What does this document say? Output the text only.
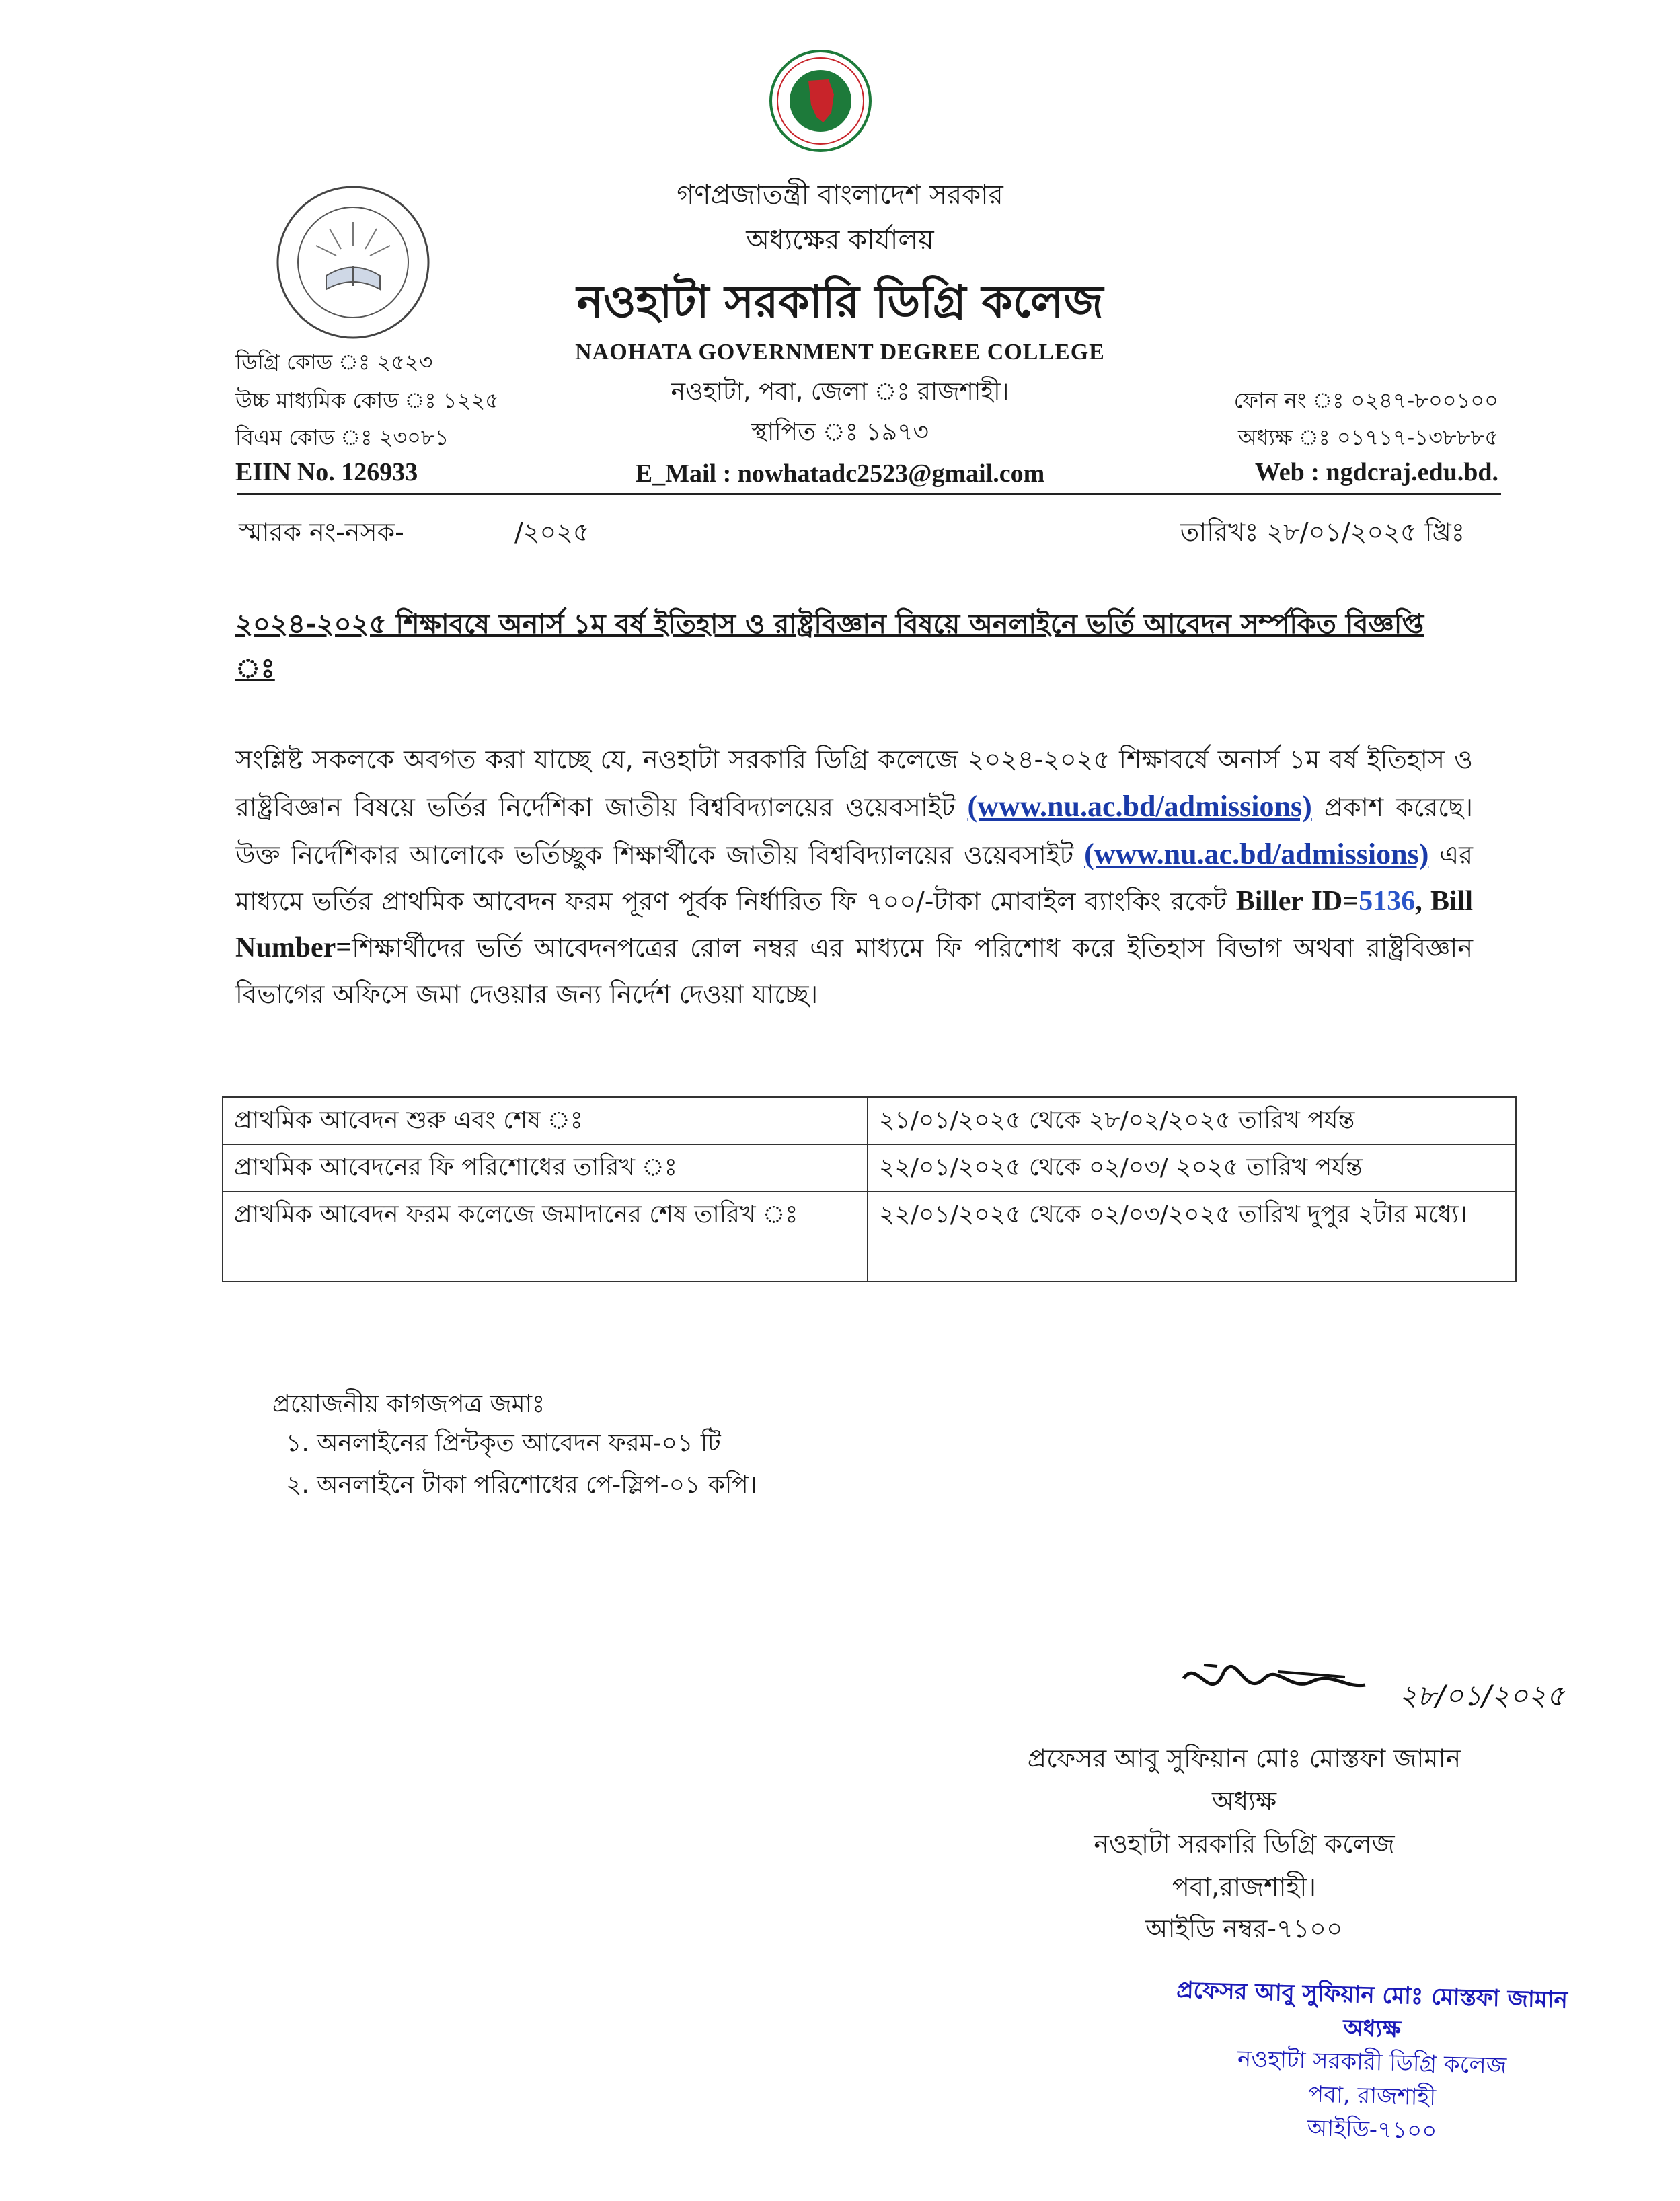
গণপ্রজাতন্ত্রী বাংলাদেশ সরকার
অধ্যক্ষের কার্যালয়
নওহাটা সরকারি ডিগ্রি কলেজ
NAOHATA GOVERNMENT DEGREE COLLEGE
নওহাটা, পবা, জেলা ঃ রাজশাহী।
স্থাপিত ঃ ১৯৭৩
E_Mail : nowhatadc2523@gmail.com
ডিগ্রি কোড ঃ ২৫২৩
উচ্চ মাধ্যমিক কোড ঃ ১২২৫
বিএম কোড ঃ ২৩০৮১
EIIN No. 126933
ফোন নং ঃ ০২৪৭-৮০০১০০
অধ্যক্ষ ঃ ০১৭১৭-১৩৮৮৮৫
Web : ngdcraj.edu.bd.
স্মারক নং-নসক-	/২০২৫	তারিখঃ ২৮/০১/২০২৫ খ্রিঃ
২০২৪-২০২৫ শিক্ষাবষে অনার্স ১ম বর্ষ ইতিহাস ও রাষ্ট্রবিজ্ঞান বিষয়ে অনলাইনে ভর্তি আবেদন সর্ম্পকিত বিজ্ঞপ্তি ঃ
সংশ্লিষ্ট সকলকে অবগত করা যাচ্ছে যে, নওহাটা সরকারি ডিগ্রি কলেজে ২০২৪-২০২৫ শিক্ষাবর্ষে অনার্স ১ম বর্ষ ইতিহাস ও রাষ্ট্রবিজ্ঞান বিষয়ে ভর্তির নির্দেশিকা জাতীয় বিশ্ববিদ্যালয়ের ওয়েবসাইট (www.nu.ac.bd/admissions) প্রকাশ করেছে। উক্ত নির্দেশিকার আলোকে ভর্তিচ্ছুক শিক্ষার্থীকে জাতীয় বিশ্ববিদ্যালয়ের ওয়েবসাইট (www.nu.ac.bd/admissions) এর মাধ্যমে ভর্তির প্রাথমিক আবেদন ফরম পূরণ পূর্বক নির্ধারিত ফি ৭০০/-টাকা মোবাইল ব্যাংকিং রকেট Biller ID=5136, Bill Number=শিক্ষার্থীদের ভর্তি আবেদনপত্রের রোল নম্বর এর মাধ্যমে ফি পরিশোধ করে ইতিহাস বিভাগ অথবা রাষ্ট্রবিজ্ঞান বিভাগের অফিসে জমা দেওয়ার জন্য নির্দেশ দেওয়া যাচ্ছে।
প্রাথমিক আবেদন শুরু এবং শেষ ঃ	২১/০১/২০২৫ থেকে ২৮/০২/২০২৫ তারিখ পর্যন্ত
প্রাথমিক আবেদনের ফি পরিশোধের তারিখ ঃ	২২/০১/২০২৫ থেকে ০২/০৩/ ২০২৫ তারিখ পর্যন্ত
প্রাথমিক আবেদন ফরম কলেজে জমাদানের শেষ তারিখ ঃ	২২/০১/২০২৫ থেকে ০২/০৩/২০২৫ তারিখ দুপুর ২টার মধ্যে।
প্রয়োজনীয় কাগজপত্র জমাঃ
১. অনলাইনের প্রিন্টকৃত আবেদন ফরম-০১ টি
২. অনলাইনে টাকা পরিশোধের পে-স্লিপ-০১ কপি।
২৮/০১/২০২৫
প্রফেসর আবু সুফিয়ান মোঃ মোস্তফা জামান
অধ্যক্ষ
নওহাটা সরকারি ডিগ্রি কলেজ
পবা,রাজশাহী।
আইডি নম্বর-৭১০০
প্রফেসর আবু সুফিয়ান মোঃ মোস্তফা জামান
অধ্যক্ষ
নওহাটা সরকারী ডিগ্রি কলেজ
পবা, রাজশাহী
আইডি-৭১০০
